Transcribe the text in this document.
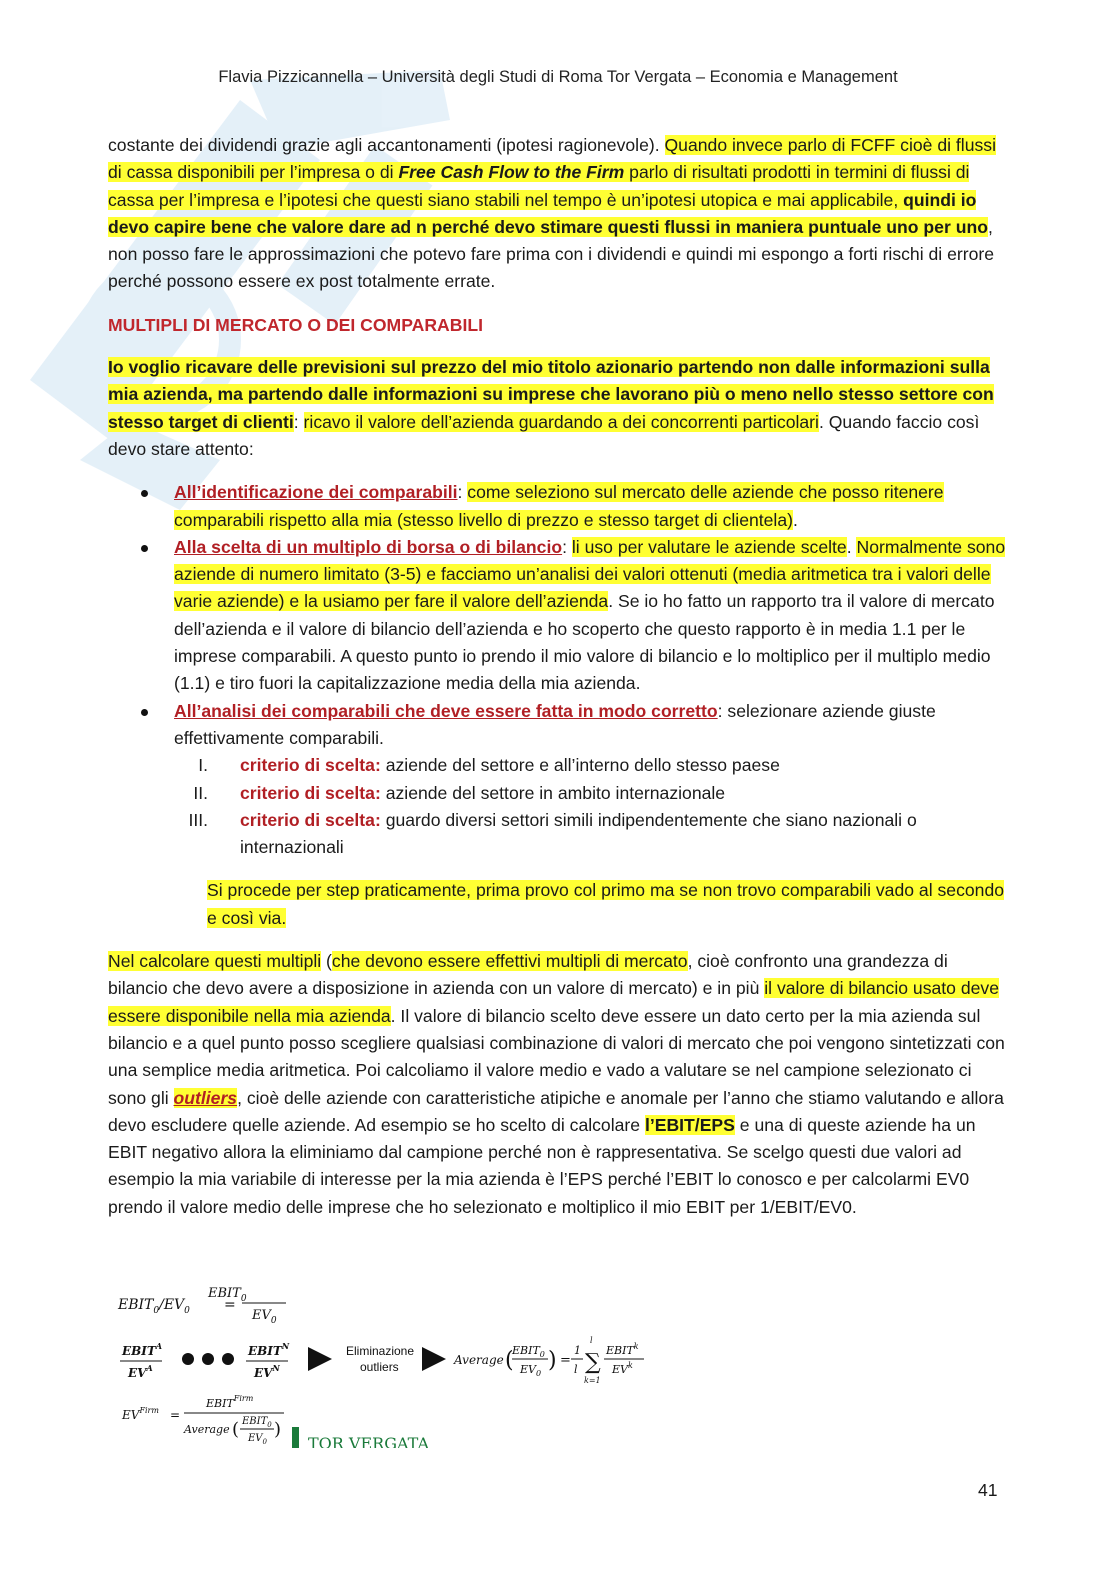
Flavia Pizzicannella – Università degli Studi di Roma Tor Vergata – Economia e Management

costante dei dividendi grazie agli accantonamenti (ipotesi ragionevole). Quando invece parlo di FCFF cioè di flussi di cassa disponibili per l’impresa o di Free Cash Flow to the Firm parlo di risultati prodotti in termini di flussi di cassa per l’impresa e l’ipotesi che questi siano stabili nel tempo è un’ipotesi utopica e mai applicabile, quindi io devo capire bene che valore dare ad n perché devo stimare questi flussi in maniera puntuale uno per uno, non posso fare le approssimazioni che potevo fare prima con i dividendi e quindi mi espongo a forti rischi di errore perché possono essere ex post totalmente errate.

MULTIPLI DI MERCATO O DEI COMPARABILI

Io voglio ricavare delle previsioni sul prezzo del mio titolo azionario partendo non dalle informazioni sulla mia azienda, ma partendo dalle informazioni su imprese che lavorano più o meno nello stesso settore con stesso target di clienti: ricavo il valore dell’azienda guardando a dei concorrenti particolari. Quando faccio così devo stare attento:

All’identificazione dei comparabili: come seleziono sul mercato delle aziende che posso ritenere comparabili rispetto alla mia (stesso livello di prezzo e stesso target di clientela).
Alla scelta di un multiplo di borsa o di bilancio: li uso per valutare le aziende scelte. Normalmente sono aziende di numero limitato (3-5) e facciamo un’analisi dei valori ottenuti (media aritmetica tra i valori delle varie aziende) e la usiamo per fare il valore dell’azienda. Se io ho fatto un rapporto tra il valore di mercato dell’azienda e il valore di bilancio dell’azienda e ho scoperto che questo rapporto è in media 1.1 per le imprese comparabili. A questo punto io prendo il mio valore di bilancio e lo moltiplico per il multiplo medio (1.1) e tiro fuori la capitalizzazione media della mia azienda.
All’analisi dei comparabili che deve essere fatta in modo corretto: selezionare aziende giuste effettivamente comparabili.
I. criterio di scelta: aziende del settore e all’interno dello stesso paese
II. criterio di scelta: aziende del settore in ambito internazionale
III. criterio di scelta: guardo diversi settori simili indipendentemente che siano nazionali o internazionali

Si procede per step praticamente, prima provo col primo ma se non trovo comparabili vado al secondo e così via.

Nel calcolare questi multipli (che devono essere effettivi multipli di mercato, cioè confronto una grandezza di bilancio che devo avere a disposizione in azienda con un valore di mercato) e in più il valore di bilancio usato deve essere disponibile nella mia azienda. Il valore di bilancio scelto deve essere un dato certo per la mia azienda sul bilancio e a quel punto posso scegliere qualsiasi combinazione di valori di mercato che poi vengono sintetizzati con una semplice media aritmetica. Poi calcoliamo il valore medio e vado a valutare se nel campione selezionato ci sono gli outliers, cioè delle aziende con caratteristiche atipiche e anomale per l’anno che stiamo valutando e allora devo escludere quelle aziende. Ad esempio se ho scelto di calcolare l’EBIT/EPS e una di queste aziende ha un EBIT negativo allora la eliminiamo dal campione perché non è rappresentativa. Se scelgo questi due valori ad esempio la mia variabile di interesse per la mia azienda è l’EPS perché l’EBIT lo conosco e per calcolarmi EV0 prendo il valore medio delle imprese che ho selezionato e moltiplico il mio EBIT per 1/EBIT/EV0.

$EBIT_0/EV_0$ =
$EBIT_0$
$EV_0$
$EBIT^A$
$EV^A$
$EBIT^N$
$EV^N$
Eliminazione
outliers	Average (
$EBIT_0$
$EV_0$
) =
1
l
l
∑
k=1
EBIT$^k$
$EV^k$
$EV^{Firm}$ =
$EBIT^{Firm}$
Average ( $EBIT_0$
$EV_0$
)
TOR VERGATA
41
